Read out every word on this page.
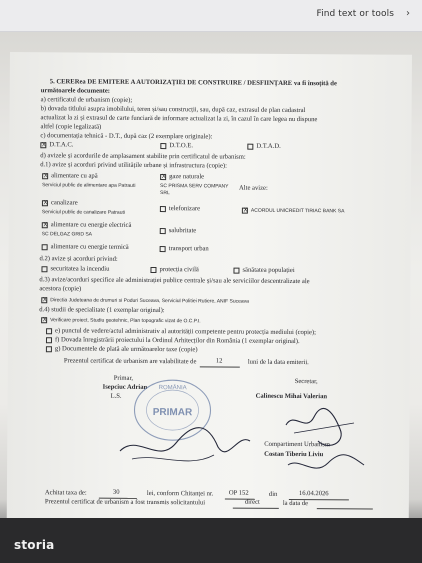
Find text or tools ›
5. CERERea DE EMITERE A AUTORIZAȚIEI DE CONSTRUIRE / DESFIINȚARE va fi însoțită de
următoarele documente:
a) certificatul de urbanism (copie);
b) dovada titlului asupra imobilului, teren și/sau construcții, sau, după caz, extrasul de plan cadastral
actualizat la zi și extrasul de carte funciară de informare actualizat la zi, în cazul în care legea nu dispune
altfel (copie legalizată)
c) documentația tehnică - D.T., după caz (2 exemplare originale):
X
D.T.A.C.	D.T.O.E.	D.T.A.D.
d) avizele și acordurile de amplasament stabilite prin certificatul de urbanism:
d.1) avize și acorduri privind utilitățile urbane și infrastructura (copie):
X
alimentare cu apă
Serviciul public de alimentare apa Patrauti
X
gaze naturale
SC PRISMA SERV COMPANY
SRL
Alte avize:
X
canalizare
Serviciul public de canalizare Patrauti
telefonizare
X	ACORDUL UNICREDIT TIRIAC BANK SA
X
alimentare cu energie electrică
SC DELGAZ GRID SA
salubritate
alimentare cu energie termică	transport urban
d.2) avize și acorduri privind:
securitatea la incendiu	protecția civilă	sănătatea populației
d.3) avize/acorduri specifice ale administrației publice centrale și/sau ale serviciilor descentralizate ale
acestora (copie)
X
Directia Judeteana de drumuri si Poduri Suceava, Serviciul Politiei Rutiere, ANIF Suceava
d.4) studii de specialitate (1 exemplar original):
X
Verificare proiect, Studiu geotehnic, Plan topografic vizat de O.C.P.I.
e) punctul de vedere/actul administrativ al autorității competente pentru protecția mediului (copie);
f) Dovada înregistrării proiectului la Ordinul Arhitecților din România (1 exemplar original).
g) Documentele de plată ale următoarelor taxe (copie)
Prezentul certificat de urbanism are valabilitate de	12	luni de la data emiterii.
Primar,
Isepciuc Adrian
L.S.
Secretar,
Calinescu Mihai Valerian
Compartiment Urbanism
Costan Tiberiu Liviu
ROMÂNIA
PRIMAR
Achitat taxa de:	30	lei, conform Chitanței nr. OP 152	din	16.04.2026
Prezentul certificat de urbanism a fost transmis solicitantului	direct	la data de
storia
